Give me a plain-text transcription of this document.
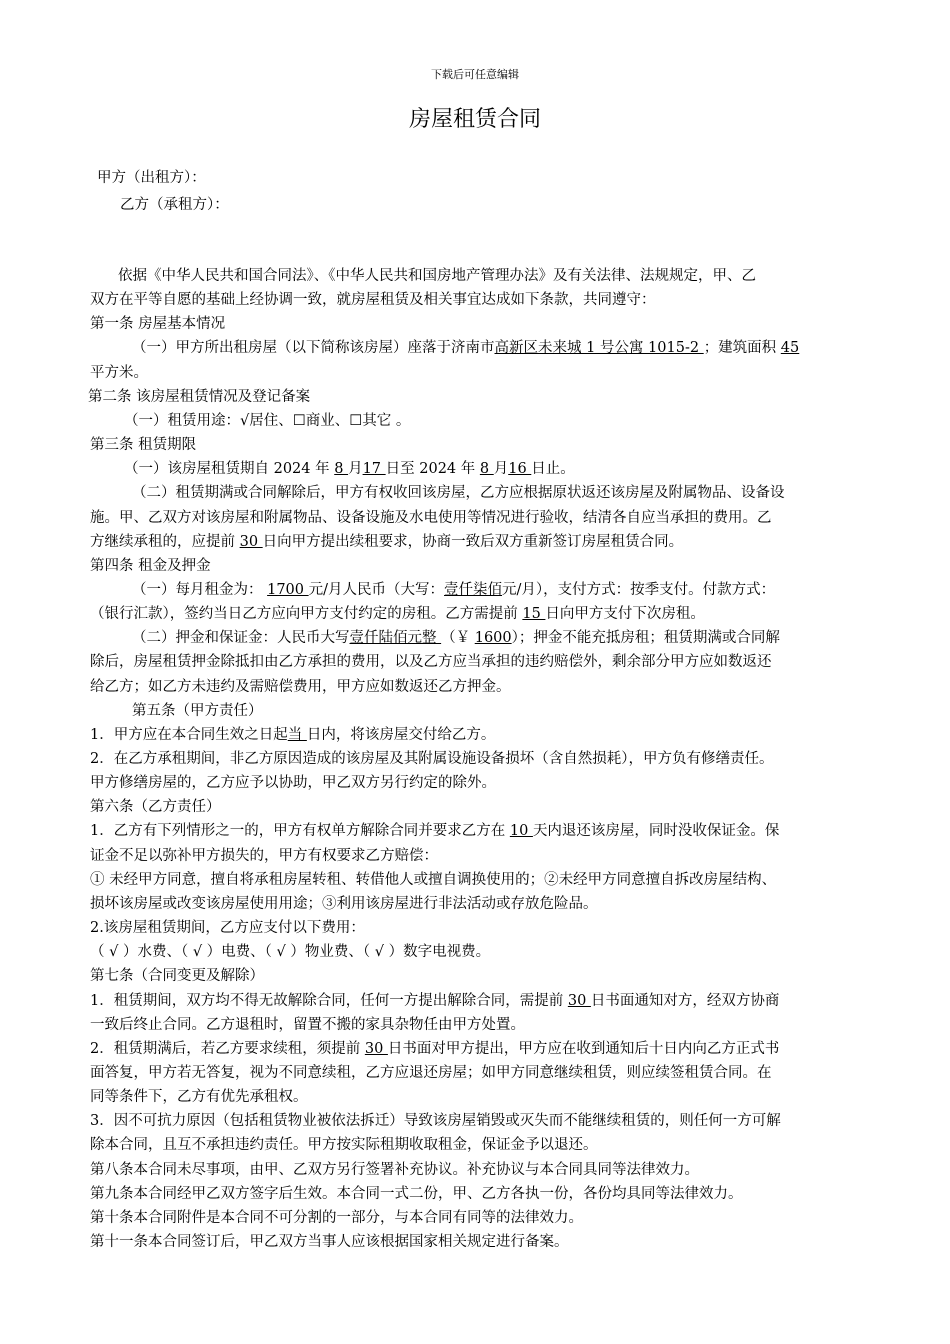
下载后可任意编辑
房屋租赁合同
甲方（出租方）：
乙方（承租方）：
依据《中华人民共和国合同法》、《中华人民共和国房地产管理办法》及有关法律、法规规定，甲、乙
双方在平等自愿的基础上经协调一致，就房屋租赁及相关事宜达成如下条款，共同遵守：
第一条 房屋基本情况
（一）甲方所出租房屋（以下简称该房屋）座落于济南市高新区未来城 1 号公寓 1015-2 ；建筑面积 45
平方米。
第二条 该房屋租赁情况及登记备案
（一）租赁用途：√居住、☐商业、☐其它 。
第三条 租赁期限
（一）该房屋租赁期自 2024 年 8 月17 日至 2024 年 8 月16 日止。
（二）租赁期满或合同解除后，甲方有权收回该房屋，乙方应根据原状返还该房屋及附属物品、设备设
施。甲、乙双方对该房屋和附属物品、设备设施及水电使用等情况进行验收，结清各自应当承担的费用。乙
方继续承租的，应提前 30 日向甲方提出续租要求，协商一致后双方重新签订房屋租赁合同。
第四条 租金及押金
（一）每月租金为： 1700 元/月人民币（大写：壹仟柒佰元/月），支付方式：按季支付。付款方式：
（银行汇款），签约当日乙方应向甲方支付约定的房租。乙方需提前 15 日向甲方支付下次房租。
（二）押金和保证金：人民币大写壹仟陆佰元整 （￥ 1600）；押金不能充抵房租；租赁期满或合同解
除后，房屋租赁押金除抵扣由乙方承担的费用，以及乙方应当承担的违约赔偿外，剩余部分甲方应如数返还
给乙方；如乙方未违约及需赔偿费用，甲方应如数返还乙方押金。
第五条（甲方责任）
1．甲方应在本合同生效之日起当 日内，将该房屋交付给乙方。
2．在乙方承租期间，非乙方原因造成的该房屋及其附属设施设备损坏（含自然损耗），甲方负有修缮责任。
甲方修缮房屋的，乙方应予以协助，甲乙双方另行约定的除外。
第六条（乙方责任）
1．乙方有下列情形之一的，甲方有权单方解除合同并要求乙方在 10 天内退还该房屋，同时没收保证金。保
证金不足以弥补甲方损失的，甲方有权要求乙方赔偿：
① 未经甲方同意，擅自将承租房屋转租、转借他人或擅自调换使用的；②未经甲方同意擅自拆改房屋结构、
损坏该房屋或改变该房屋使用用途；③利用该房屋进行非法活动或存放危险品。
2.该房屋租赁期间，乙方应支付以下费用：
（ √ ）水费、（ √ ）电费、（ √ ）物业费、（ √ ）数字电视费。
第七条（合同变更及解除）
1．租赁期间，双方均不得无故解除合同，任何一方提出解除合同，需提前 30 日书面通知对方，经双方协商
一致后终止合同。乙方退租时，留置不搬的家具杂物任由甲方处置。
2．租赁期满后，若乙方要求续租，须提前 30 日书面对甲方提出，甲方应在收到通知后十日内向乙方正式书
面答复，甲方若无答复，视为不同意续租，乙方应退还房屋；如甲方同意继续租赁，则应续签租赁合同。在
同等条件下，乙方有优先承租权。
3．因不可抗力原因（包括租赁物业被依法拆迁）导致该房屋销毁或灭失而不能继续租赁的，则任何一方可解
除本合同，且互不承担违约责任。甲方按实际租期收取租金，保证金予以退还。
第八条本合同未尽事项，由甲、乙双方另行签署补充协议。补充协议与本合同具同等法律效力。
第九条本合同经甲乙双方签字后生效。本合同一式二份，甲、乙方各执一份，各份均具同等法律效力。
第十条本合同附件是本合同不可分割的一部分，与本合同有同等的法律效力。
第十一条本合同签订后，甲乙双方当事人应该根据国家相关规定进行备案。
